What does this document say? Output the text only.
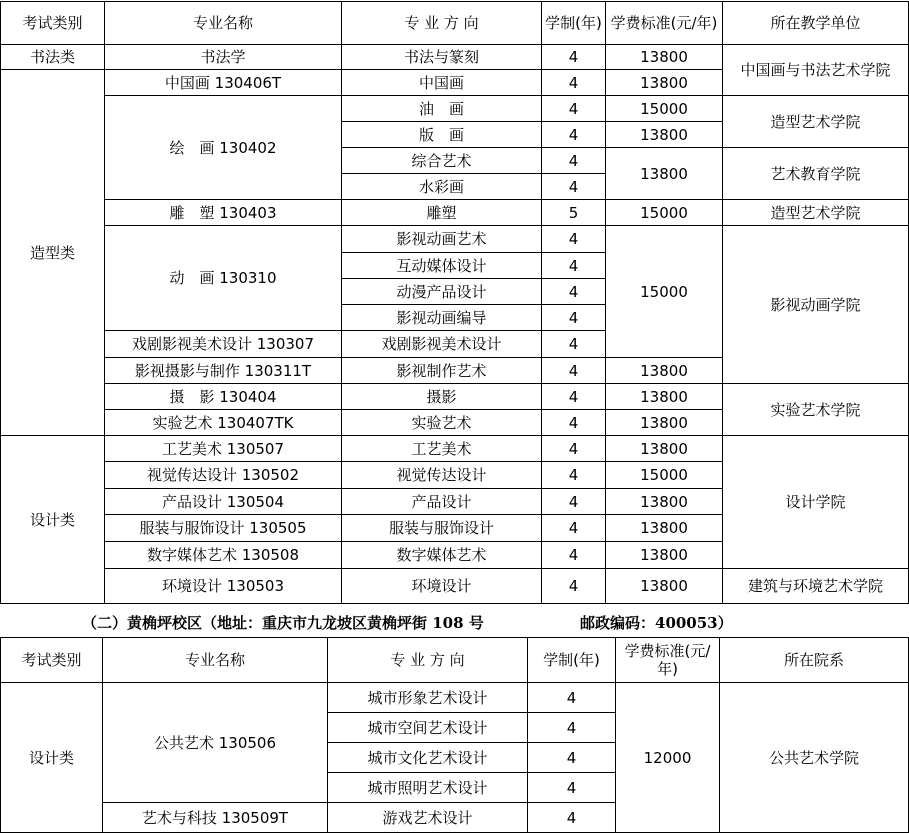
考试类别	专业名称	专 业 方 向	学制(年)	学费标准(元/年)	所在教学单位
书法类	书法学	书法与篆刻	4	13800	中国画与书法艺术学院
造型类	中国画 130406T	中国画	4	13800	
	绘　画 130402	油　画	4	15000	造型艺术学院
		版　画	4	13800	
		综合艺术	4	13800	艺术教育学院
		水彩画	4		
	雕　塑 130403	雕塑	5	15000	造型艺术学院
	动　画 130310	影视动画艺术	4	15000	影视动画学院
		互动媒体设计	4		
		动漫产品设计	4		
		影视动画编导	4		
	戏剧影视美术设计 130307	戏剧影视美术设计	4		
	影视摄影与制作 130311T	影视制作艺术	4	13800	
	摄　影 130404	摄影	4	13800	实验艺术学院
	实验艺术 130407TK	实验艺术	4	13800	
设计类	工艺美术 130507	工艺美术	4	13800	设计学院
	视觉传达设计 130502	视觉传达设计	4	15000	
	产品设计 130504	产品设计	4	13800	
	服装与服饰设计 130505	服装与服饰设计	4	13800	
	数字媒体艺术 130508	数字媒体艺术	4	13800	
	环境设计 130503	环境设计	4	13800	建筑与环境艺术学院
（二）黄桷坪校区（地址：重庆市九龙坡区黄桷坪街 108 号	邮政编码：400053）
考试类别	专业名称	专 业 方 向	学制(年)	学费标准(元/年)	所在院系
设计类	公共艺术 130506	城市形象艺术设计	4	12000	公共艺术学院
		城市空间艺术设计	4		
		城市文化艺术设计	4		
		城市照明艺术设计	4		
	艺术与科技 130509T	游戏艺术设计	4		
